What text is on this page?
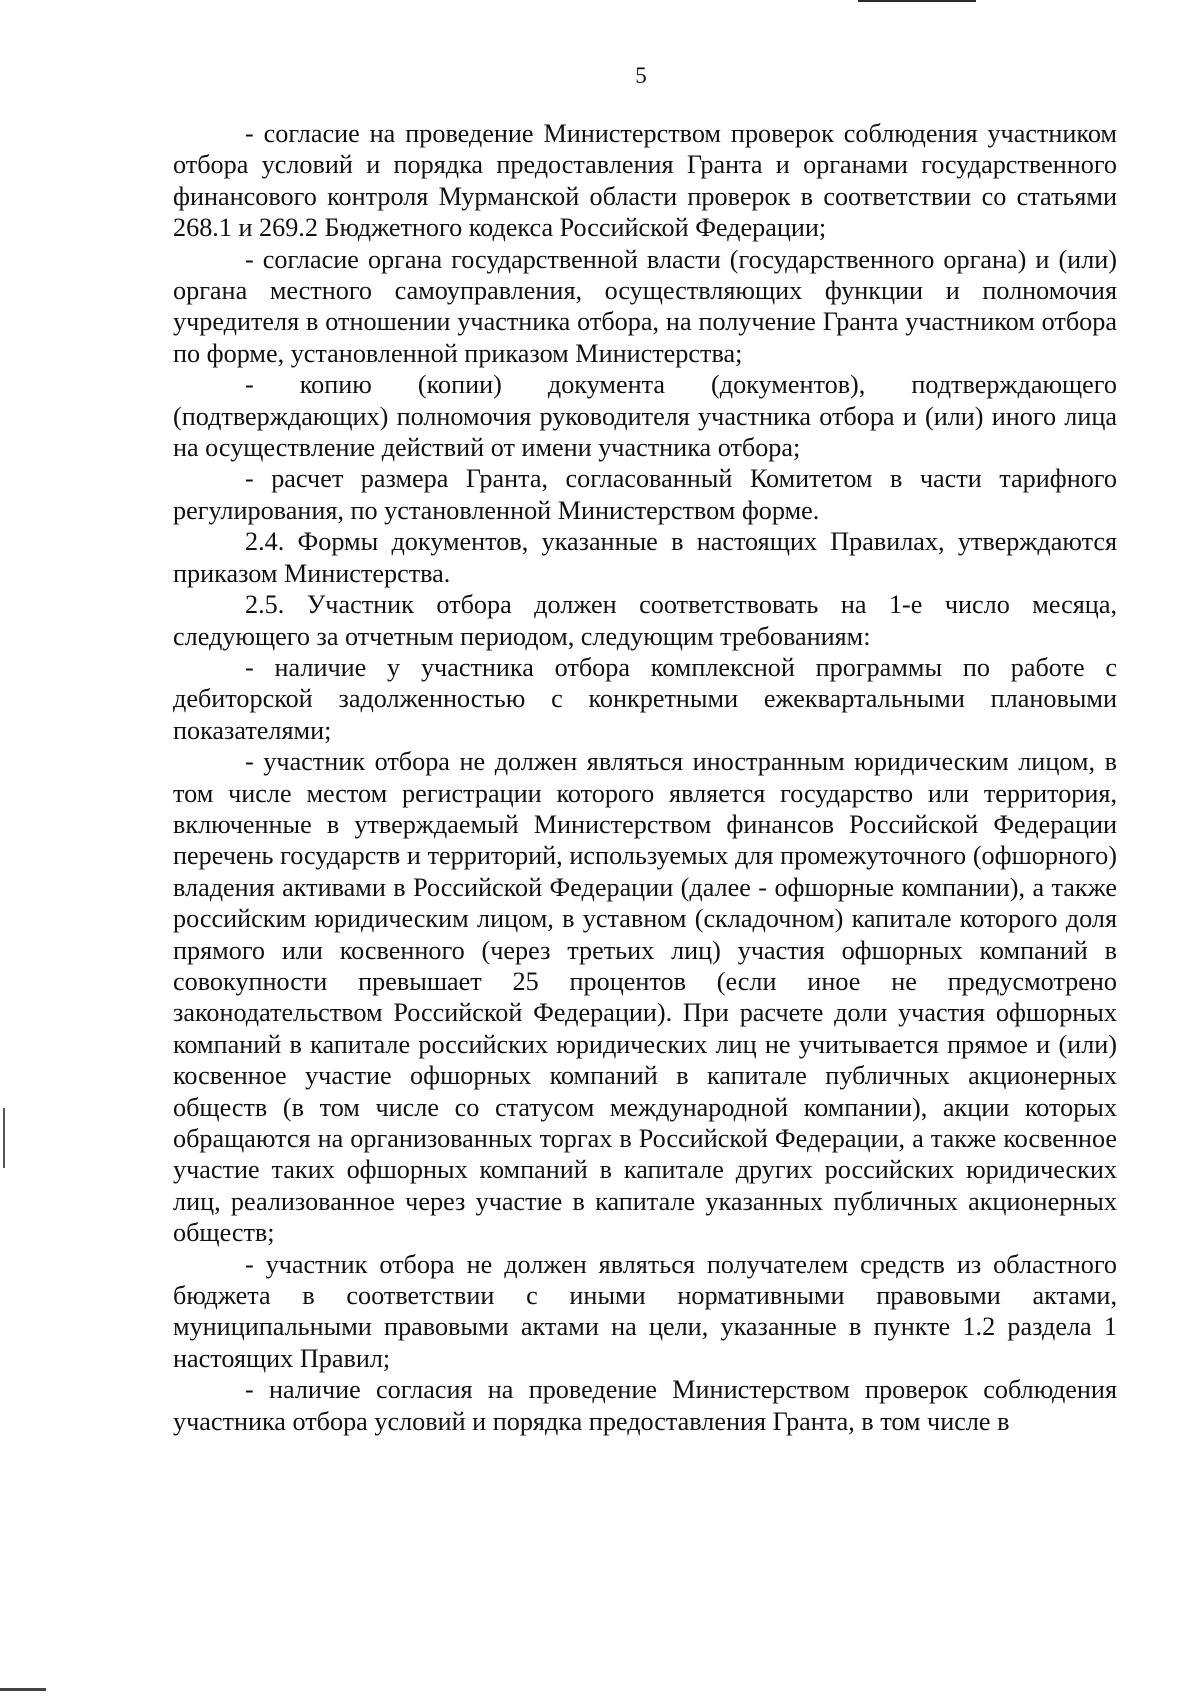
5

- согласие на проведение Министерством проверок соблюдения участником отбора условий и порядка предоставления Гранта и органами государственного финансового контроля Мурманской области проверок в соответствии со статьями 268.1 и 269.2 Бюджетного кодекса Российской Федерации;

- согласие органа государственной власти (государственного органа) и (или) органа местного самоуправления, осуществляющих функции и полномочия учредителя в отношении участника отбора, на получение Гранта участником отбора по форме, установленной приказом Министерства;

- копию (копии) документа (документов), подтверждающего (подтверждающих) полномочия руководителя участника отбора и (или) иного лица на осуществление действий от имени участника отбора;

- расчет размера Гранта, согласованный Комитетом в части тарифного регулирования, по установленной Министерством форме.

2.4. Формы документов, указанные в настоящих Правилах, утверждаются приказом Министерства.

2.5. Участник отбора должен соответствовать на 1-е число месяца, следующего за отчетным периодом, следующим требованиям:

- наличие у участника отбора комплексной программы по работе с дебиторской задолженностью с конкретными ежеквартальными плановыми показателями;

- участник отбора не должен являться иностранным юридическим лицом, в том числе местом регистрации которого является государство или территория, включенные в утверждаемый Министерством финансов Российской Федерации перечень государств и территорий, используемых для промежуточного (офшорного) владения активами в Российской Федерации (далее - офшорные компании), а также российским юридическим лицом, в уставном (складочном) капитале которого доля прямого или косвенного (через третьих лиц) участия офшорных компаний в совокупности превышает 25 процентов (если иное не предусмотрено законодательством Российской Федерации). При расчете доли участия офшорных компаний в капитале российских юридических лиц не учитывается прямое и (или) косвенное участие офшорных компаний в капитале публичных акционерных обществ (в том числе со статусом международной компании), акции которых обращаются на организованных торгах в Российской Федерации, а также косвенное участие таких офшорных компаний в капитале других российских юридических лиц, реализованное через участие в капитале указанных публичных акционерных обществ;

- участник отбора не должен являться получателем средств из областного бюджета в соответствии с иными нормативными правовыми актами, муниципальными правовыми актами на цели, указанные в пункте 1.2 раздела 1 настоящих Правил;

- наличие согласия на проведение Министерством проверок соблюдения участника отбора условий и порядка предоставления Гранта, в том числе в
